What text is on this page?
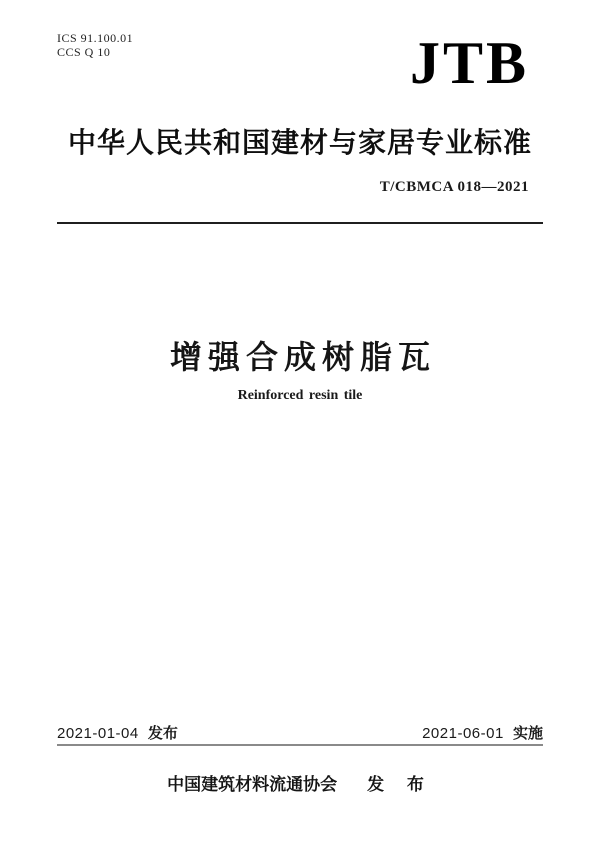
ICS 91.100.01
CCS Q 10	JTB
中华人民共和国建材与家居专业标准
T/CBMCA 018—2021
增强合成树脂瓦
Reinforced resin tile
2021-01-04 发布	2021-06-01 实施
中国建筑材料流通协会 发 布
